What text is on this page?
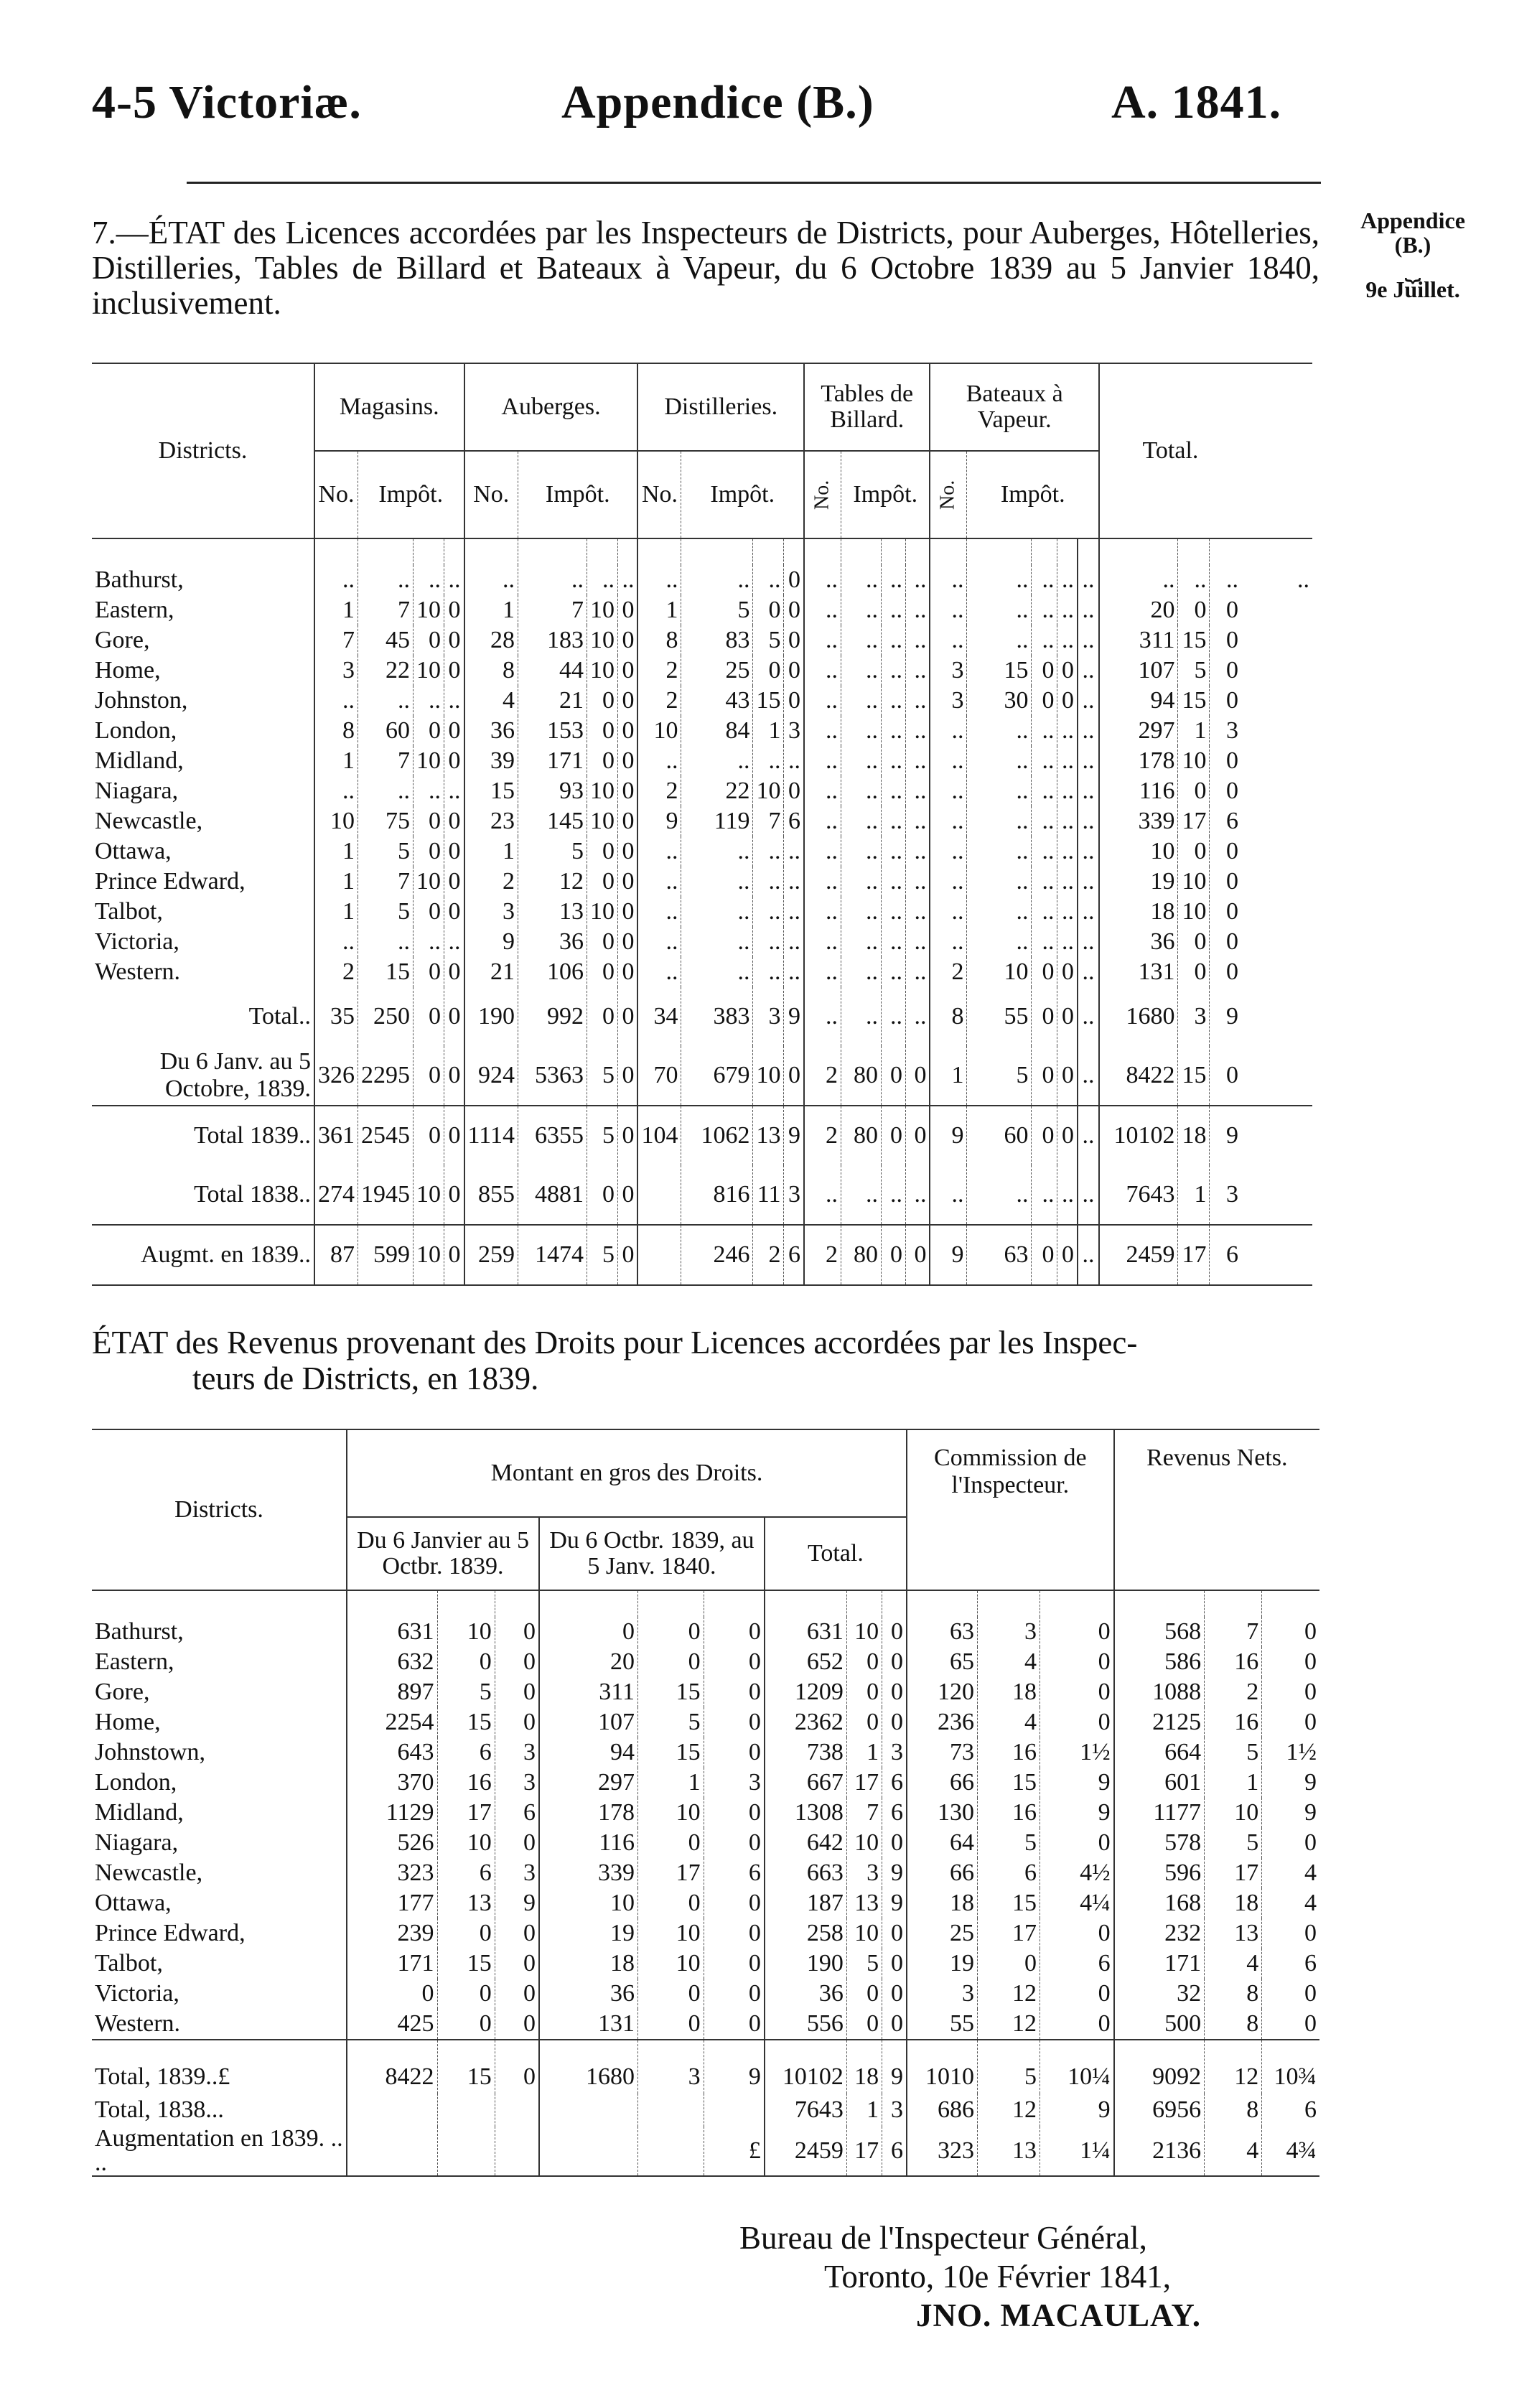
4-5 Victoriæ.	Appendice (B.)	A. 1841.
7.—ÉTAT des Licences accordées par les Inspecteurs de Districts, pour Auberges, Hôtelleries, Distilleries, Tables de Billard et Bateaux à Vapeur, du 6 Octobre 1839 au 5 Janvier 1840, inclusivement.
Appendice
(B.)
⏟
9e Juillet.
Districts.	Magasins.				Auberges.				Distilleries.				Tables de Billard.				Bateaux à Vapeur.					Total.			
	No.	Impôt.			No.	Impôt.			No.	Impôt.			No.	Impôt.			No.	Impôt.							

Bathurst,	..	..	..	..	..	..	..	..	..	..	..	0	..	..	..	..	..	..	..	..	..	..	..	..	..
Eastern,	1	7	10	0	1	7	10	0	1	5	0	0	..	..	..	..	..	..	..	..	..	20	0	0	
Gore,	7	45	0	0	28	183	10	0	8	83	5	0	..	..	..	..	..	..	..	..	..	311	15	0	
Home,	3	22	10	0	8	44	10	0	2	25	0	0	..	..	..	..	3	15	0	0	..	107	5	0	
Johnston,	..	..	..	..	4	21	0	0	2	43	15	0	..	..	..	..	3	30	0	0	..	94	15	0	
London,	8	60	0	0	36	153	0	0	10	84	1	3	..	..	..	..	..	..	..	..	..	297	1	3	
Midland,	1	7	10	0	39	171	0	0	..	..	..	..	..	..	..	..	..	..	..	..	..	178	10	0	
Niagara,	..	..	..	..	15	93	10	0	2	22	10	0	..	..	..	..	..	..	..	..	..	116	0	0	
Newcastle,	10	75	0	0	23	145	10	0	9	119	7	6	..	..	..	..	..	..	..	..	..	339	17	6	
Ottawa,	1	5	0	0	1	5	0	0	..	..	..	..	..	..	..	..	..	..	..	..	..	10	0	0	
Prince Edward,	1	7	10	0	2	12	0	0	..	..	..	..	..	..	..	..	..	..	..	..	..	19	10	0	
Talbot,	1	5	0	0	3	13	10	0	..	..	..	..	..	..	..	..	..	..	..	..	..	18	10	0	
Victoria,	..	..	..	..	9	36	0	0	..	..	..	..	..	..	..	..	..	..	..	..	..	36	0	0	
Western.	2	15	0	0	21	106	0	0	..	..	..	..	..	..	..	..	2	10	0	0	..	131	0	0	
Total..	35	250	0	0	190	992	0	0	34	383	3	9	..	..	..	..	8	55	0	0	..	1680	3	9	
Du 6 Janv. au 5 Octobre, 1839.	326	2295	0	0	924	5363	5	0	70	679	10	0	2	80	0	0	1	5	0	0	..	8422	15	0	
Total 1839..	361	2545	0	0	1114	6355	5	0	104	1062	13	9	2	80	0	0	9	60	0	0	..	10102	18	9	
Total 1838..	274	1945	10	0	855	4881	0	0		816	11	3	..	..	..	..	..	..	..	..	..	7643	1	3	
Augmt. en 1839..	87	599	10	0	259	1474	5	0		246	2	6	2	80	0	0	9	63	0	0	..	2459	17	6	
ÉTAT des Revenus provenant des Droits pour Licences accordées par les Inspec-
teurs de Districts, en 1839.
Districts.	Montant en gros des Droits.									Commission de l'Inspecteur.			Revenus Nets.		
	Du 6 Janvier au 5 Octbr. 1839.			Du 6 Octbr. 1839, au 5 Janv. 1840.			Total.								

Bathurst,	631	10	0	0	0	0	631	10	0	63	3	0	568	7	0
Eastern,	632	0	0	20	0	0	652	0	0	65	4	0	586	16	0
Gore,	897	5	0	311	15	0	1209	0	0	120	18	0	1088	2	0
Home,	2254	15	0	107	5	0	2362	0	0	236	4	0	2125	16	0
Johnstown,	643	6	3	94	15	0	738	1	3	73	16	1½	664	5	1½
London,	370	16	3	297	1	3	667	17	6	66	15	9	601	1	9
Midland,	1129	17	6	178	10	0	1308	7	6	130	16	9	1177	10	9
Niagara,	526	10	0	116	0	0	642	10	0	64	5	0	578	5	0
Newcastle,	323	6	3	339	17	6	663	3	9	66	6	4½	596	17	4
Ottawa,	177	13	9	10	0	0	187	13	9	18	15	4¼	168	18	4
Prince Edward,	239	0	0	19	10	0	258	10	0	25	17	0	232	13	0
Talbot,	171	15	0	18	10	0	190	5	0	19	0	6	171	4	6
Victoria,	0	0	0	36	0	0	36	0	0	3	12	0	32	8	0
Western.	425	0	0	131	0	0	556	0	0	55	12	0	500	8	0
Total, 1839..£	8422	15	0	1680	3	9	10102	18	9	1010	5	10¼	9092	12	10¾
Total, 1838...							7643	1	3	686	12	9	6956	8	6
Augmentation en 1839. .. ..						£	2459	17	6	323	13	1¼	2136	4	4¾
Bureau de l'Inspecteur Général,
Toronto, 10e Février 1841,
JNO. MACAULAY.
